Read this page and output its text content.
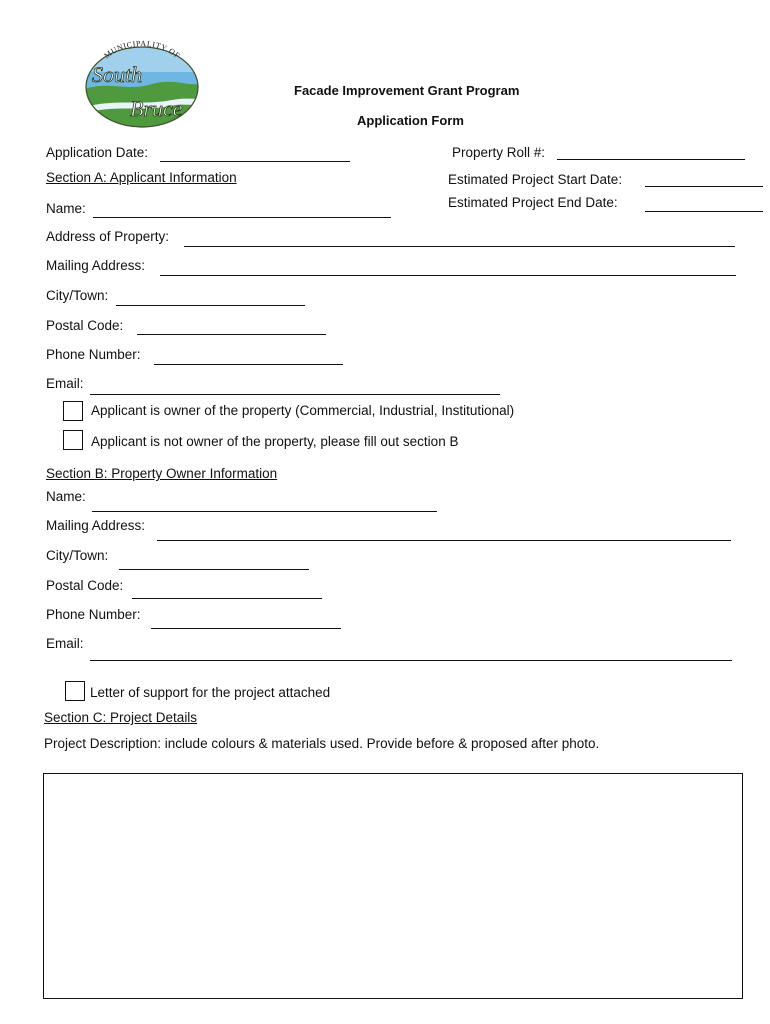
MUNICIPALITY OF
South
Bruce
Facade Improvement Grant Program
Application Form
Application Date:	Property Roll #:
Section A: Applicant Information	Estimated Project Start Date:
Estimated Project End Date:
Name:
Address of Property:
Mailing Address:
City/Town:
Postal Code:
Phone Number:
Email:
Applicant is owner of the property (Commercial, Industrial, Institutional)
Applicant is not owner of the property, please fill out section B
Section B: Property Owner Information
Name:
Mailing Address:
City/Town:
Postal Code:
Phone Number:
Email:
Letter of support for the project attached
Section C: Project Details
Project Description: include colours & materials used. Provide before & proposed after photo.
